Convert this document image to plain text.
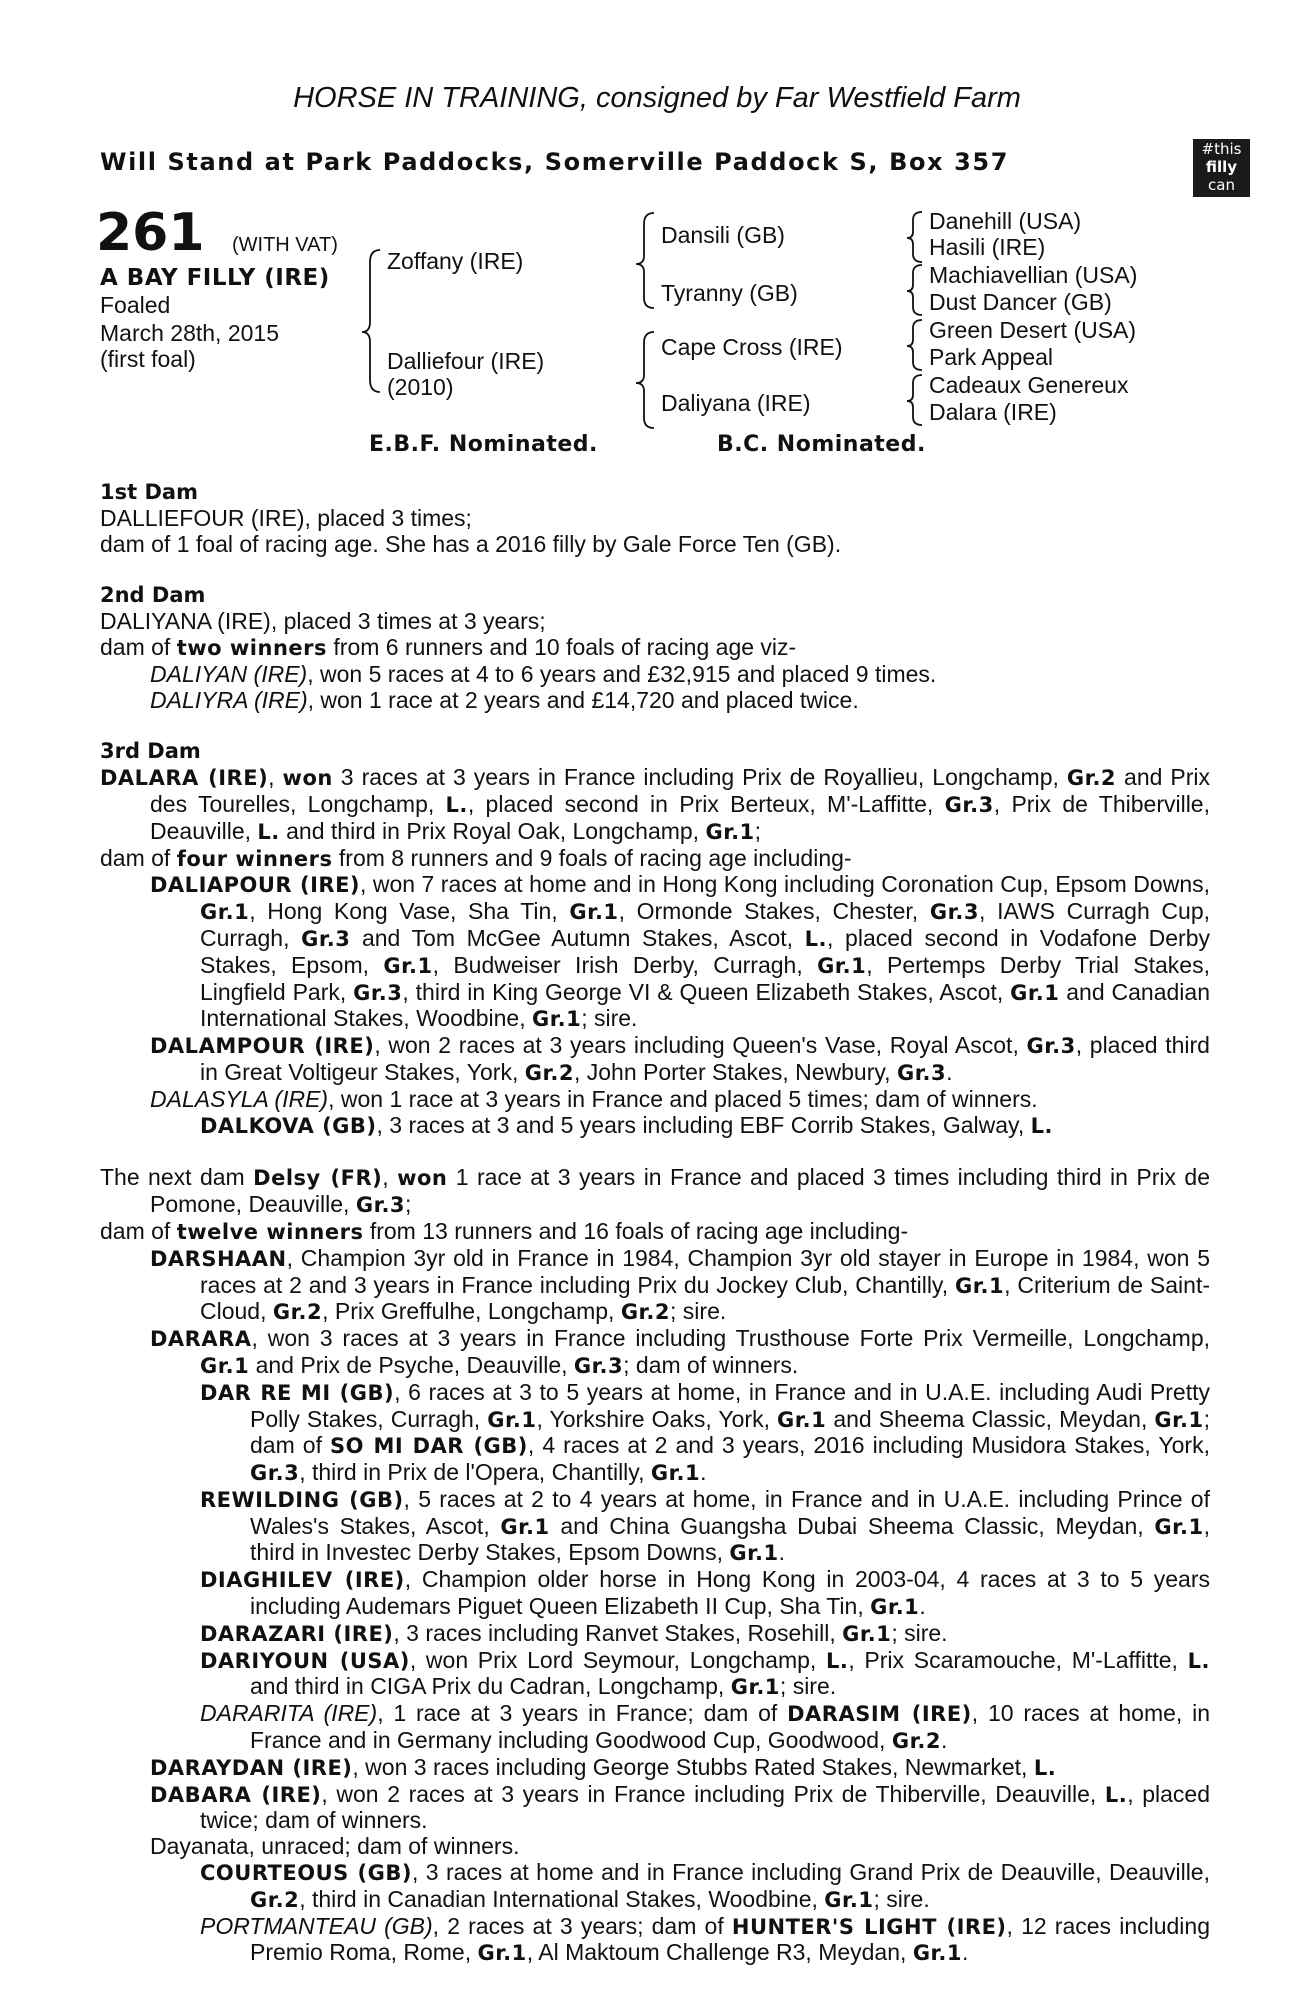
HORSE IN TRAINING, consigned by Far Westfield Farm
Will Stand at Park Paddocks, Somerville Paddock S, Box 357	#this
filly
can
261 (WITH VAT)
A BAY FILLY (IRE)
Foaled
March 28th, 2015
(first foal)
Zoffany (IRE)
Dalliefour (IRE)
(2010)
Dansili (GB)
Tyranny (GB)
Cape Cross (IRE)
Daliyana (IRE)
Danehill (USA)
Hasili (IRE)
Machiavellian (USA)
Dust Dancer (GB)
Green Desert (USA)
Park Appeal
Cadeaux Genereux
Dalara (IRE)
E.B.F. Nominated.	B.C. Nominated.
1st Dam
DALLIEFOUR (IRE), placed 3 times;
dam of 1 foal of racing age. She has a 2016 filly by Gale Force Ten (GB).
2nd Dam
DALIYANA (IRE), placed 3 times at 3 years;
dam of two winners from 6 runners and 10 foals of racing age viz-
DALIYAN (IRE), won 5 races at 4 to 6 years and £32,915 and placed 9 times.
DALIYRA (IRE), won 1 race at 2 years and £14,720 and placed twice.
3rd Dam
DALARA (IRE), won 3 races at 3 years in France including Prix de Royallieu, Longchamp, Gr.2 and Prix des Tourelles, Longchamp, L., placed second in Prix Berteux, M'-Laffitte, Gr.3, Prix de Thiberville, Deauville, L. and third in Prix Royal Oak, Longchamp, Gr.1;
dam of four winners from 8 runners and 9 foals of racing age including-
DALIAPOUR (IRE), won 7 races at home and in Hong Kong including Coronation Cup, Epsom Downs, Gr.1, Hong Kong Vase, Sha Tin, Gr.1, Ormonde Stakes, Chester, Gr.3, IAWS Curragh Cup, Curragh, Gr.3 and Tom McGee Autumn Stakes, Ascot, L., placed second in Vodafone Derby Stakes, Epsom, Gr.1, Budweiser Irish Derby, Curragh, Gr.1, Pertemps Derby Trial Stakes, Lingfield Park, Gr.3, third in King George VI & Queen Elizabeth Stakes, Ascot, Gr.1 and Canadian International Stakes, Woodbine, Gr.1; sire.
DALAMPOUR (IRE), won 2 races at 3 years including Queen's Vase, Royal Ascot, Gr.3, placed third in Great Voltigeur Stakes, York, Gr.2, John Porter Stakes, Newbury, Gr.3.
DALASYLA (IRE), won 1 race at 3 years in France and placed 5 times; dam of winners.
DALKOVA (GB), 3 races at 3 and 5 years including EBF Corrib Stakes, Galway, L.
The next dam Delsy (FR), won 1 race at 3 years in France and placed 3 times including third in Prix de Pomone, Deauville, Gr.3;
dam of twelve winners from 13 runners and 16 foals of racing age including-
DARSHAAN, Champion 3yr old in France in 1984, Champion 3yr old stayer in Europe in 1984, won 5 races at 2 and 3 years in France including Prix du Jockey Club, Chantilly, Gr.1, Criterium de Saint-Cloud, Gr.2, Prix Greffulhe, Longchamp, Gr.2; sire.
DARARA, won 3 races at 3 years in France including Trusthouse Forte Prix Vermeille, Longchamp, Gr.1 and Prix de Psyche, Deauville, Gr.3; dam of winners.
DAR RE MI (GB), 6 races at 3 to 5 years at home, in France and in U.A.E. including Audi Pretty Polly Stakes, Curragh, Gr.1, Yorkshire Oaks, York, Gr.1 and Sheema Classic, Meydan, Gr.1; dam of SO MI DAR (GB), 4 races at 2 and 3 years, 2016 including Musidora Stakes, York, Gr.3, third in Prix de l'Opera, Chantilly, Gr.1.
REWILDING (GB), 5 races at 2 to 4 years at home, in France and in U.A.E. including Prince of Wales's Stakes, Ascot, Gr.1 and China Guangsha Dubai Sheema Classic, Meydan, Gr.1, third in Investec Derby Stakes, Epsom Downs, Gr.1.
DIAGHILEV (IRE), Champion older horse in Hong Kong in 2003-04, 4 races at 3 to 5 years including Audemars Piguet Queen Elizabeth II Cup, Sha Tin, Gr.1.
DARAZARI (IRE), 3 races including Ranvet Stakes, Rosehill, Gr.1; sire.
DARIYOUN (USA), won Prix Lord Seymour, Longchamp, L., Prix Scaramouche, M'-Laffitte, L. and third in CIGA Prix du Cadran, Longchamp, Gr.1; sire.
DARARITA (IRE), 1 race at 3 years in France; dam of DARASIM (IRE), 10 races at home, in France and in Germany including Goodwood Cup, Goodwood, Gr.2.
DARAYDAN (IRE), won 3 races including George Stubbs Rated Stakes, Newmarket, L.
DABARA (IRE), won 2 races at 3 years in France including Prix de Thiberville, Deauville, L., placed twice; dam of winners.
Dayanata, unraced; dam of winners.
COURTEOUS (GB), 3 races at home and in France including Grand Prix de Deauville, Deauville, Gr.2, third in Canadian International Stakes, Woodbine, Gr.1; sire.
PORTMANTEAU (GB), 2 races at 3 years; dam of HUNTER'S LIGHT (IRE), 12 races including Premio Roma, Rome, Gr.1, Al Maktoum Challenge R3, Meydan, Gr.1.
